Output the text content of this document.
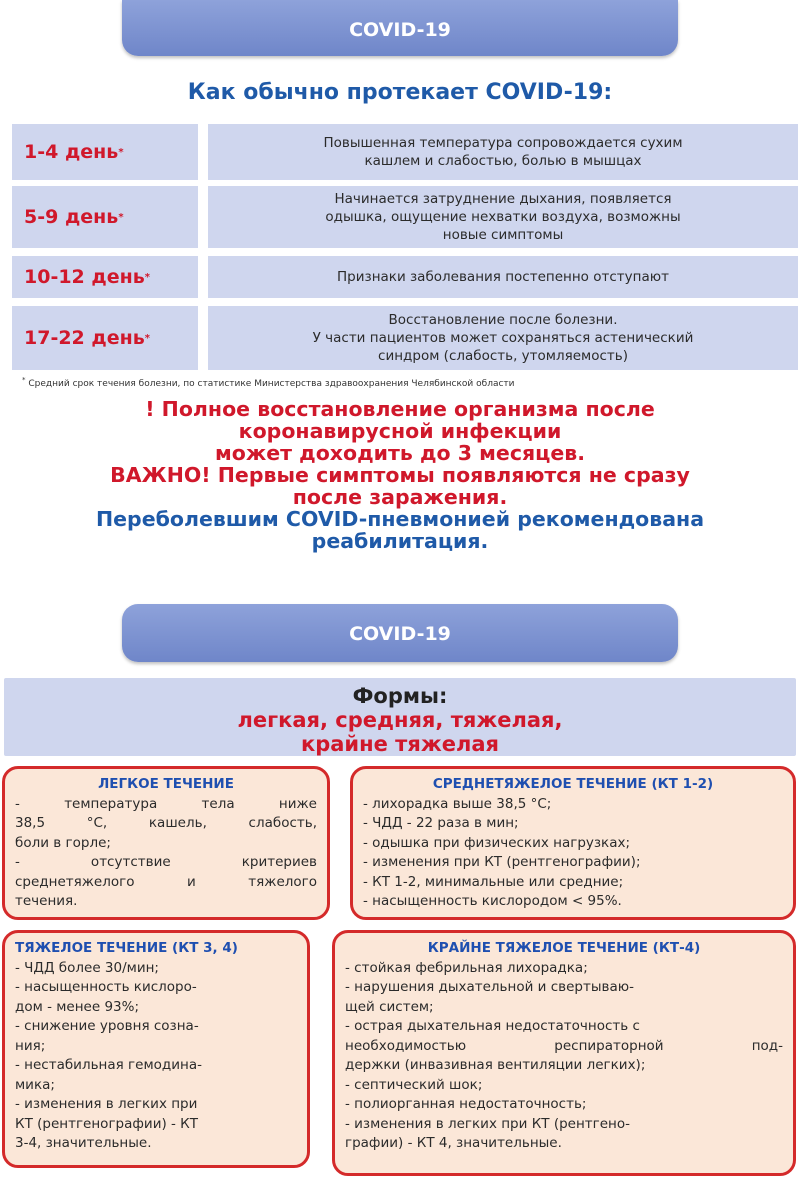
COVID-19
Как обычно протекает COVID-19:
1-4 день *
Повышенная температура сопровождается сухим
кашлем и слабостью, болью в мышцах
5-9 день *
Начинается затруднение дыхания, появляется
одышка, ощущение нехватки воздуха, возможны
новые симптомы
10-12 день *	Признаки заболевания постепенно отступают
17-22 день *
Восстановление после болезни.
У части пациентов может сохраняться астенический
синдром (слабость, утомляемость)
* Средний срок течения болезни, по статистике Министерства здравоохранения Челябинской области
! Полное восстановление организма после
коронавирусной инфекции
может доходить до 3 месяцев.
ВАЖНО! Первые симптомы появляются не сразу
после заражения.
Переболевшим COVID-пневмонией рекомендована
реабилитация.
COVID-19
Формы:
легкая, средняя, тяжелая,
крайне тяжелая
ЛЕГКОЕ ТЕЧЕНИЕ
- температура тела ниже
38,5 °С, кашель, слабость,
боли в горле;
- отсутствие критериев
среднетяжелого и тяжелого
течения.
СРЕДНЕТЯЖЕЛОЕ ТЕЧЕНИЕ (КТ 1-2)
- лихорадка выше 38,5 °С;
- ЧДД - 22 раза в мин;
- одышка при физических нагрузках;
- изменения при КТ (рентгенографии);
- КТ 1-2, минимальные или средние;
- насыщенность кислородом < 95%.
ТЯЖЕЛОЕ ТЕЧЕНИЕ (КТ 3, 4)
- ЧДД более 30/мин;
- насыщенность кислоро-
дом - менее 93%;
- снижение уровня созна-
ния;
- нестабильная гемодина-
мика;
- изменения в легких при
КТ (рентгенографии) - КТ
3-4, значительные.
КРАЙНЕ ТЯЖЕЛОЕ ТЕЧЕНИЕ (КТ-4)
- стойкая фебрильная лихорадка;
- нарушения дыхательной и свертываю-
щей систем;
- острая дыхательная недостаточность с
необходимостью респираторной под-
держки (инвазивная вентиляции легких);
- септический шок;
- полиорганная недостаточность;
- изменения в легких при КТ (рентгено-
графии) - КТ 4, значительные.
